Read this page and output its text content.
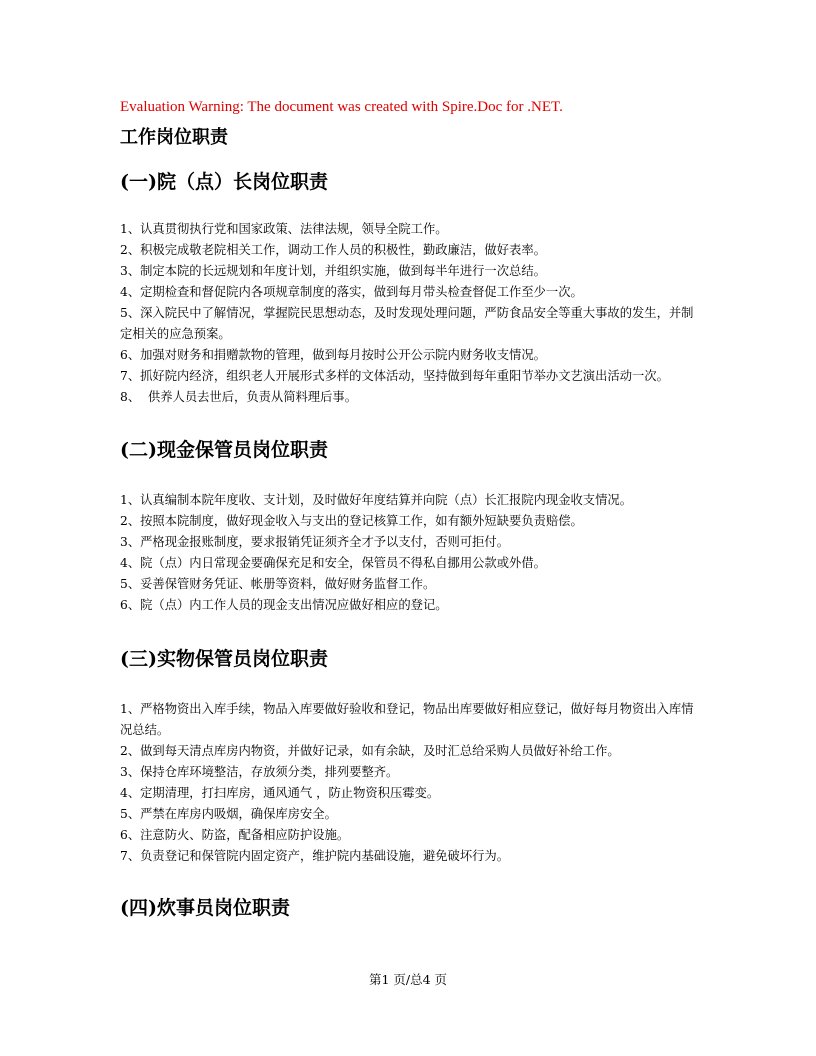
Evaluation Warning: The document was created with Spire.Doc for .NET.
工作岗位职责
(一)院（点）长岗位职责
1、认真贯彻执行党和国家政策、法律法规，领导全院工作。
2、积极完成敬老院相关工作，调动工作人员的积极性，勤政廉洁，做好表率。
3、制定本院的长远规划和年度计划，并组织实施，做到每半年进行一次总结。
4、定期检查和督促院内各项规章制度的落实，做到每月带头检查督促工作至少一次。
5、深入院民中了解情况，掌握院民思想动态，及时发现处理问题，严防食品安全等重大事故的发生，并制定相关的应急预案。
6、加强对财务和捐赠款物的管理，做到每月按时公开公示院内财务收支情况。
7、抓好院内经济，组织老人开展形式多样的文体活动，坚持做到每年重阳节举办文艺演出活动一次。
8、  供养人员去世后，负责从简料理后事。
(二)现金保管员岗位职责
1、认真编制本院年度收、支计划，及时做好年度结算并向院（点）长汇报院内现金收支情况。
2、按照本院制度，做好现金收入与支出的登记核算工作，如有额外短缺要负责赔偿。
3、严格现金报账制度，要求报销凭证须齐全才予以支付，否则可拒付。
4、院（点）内日常现金要确保充足和安全，保管员不得私自挪用公款或外借。
5、妥善保管财务凭证、帐册等资料，做好财务监督工作。
6、院（点）内工作人员的现金支出情况应做好相应的登记。
(三)实物保管员岗位职责
1、严格物资出入库手续，物品入库要做好验收和登记，物品出库要做好相应登记，做好每月物资出入库情况总结。
2、做到每天清点库房内物资，并做好记录，如有余缺，及时汇总给采购人员做好补给工作。
3、保持仓库环境整洁，存放须分类，排列要整齐。
4、定期清理，打扫库房，通风通气 ，防止物资积压霉变。
5、严禁在库房内吸烟，确保库房安全。
6、注意防火、防盗，配备相应防护设施。
7、负责登记和保管院内固定资产，维护院内基础设施，避免破坏行为。
(四)炊事员岗位职责
第1 页/总4 页
